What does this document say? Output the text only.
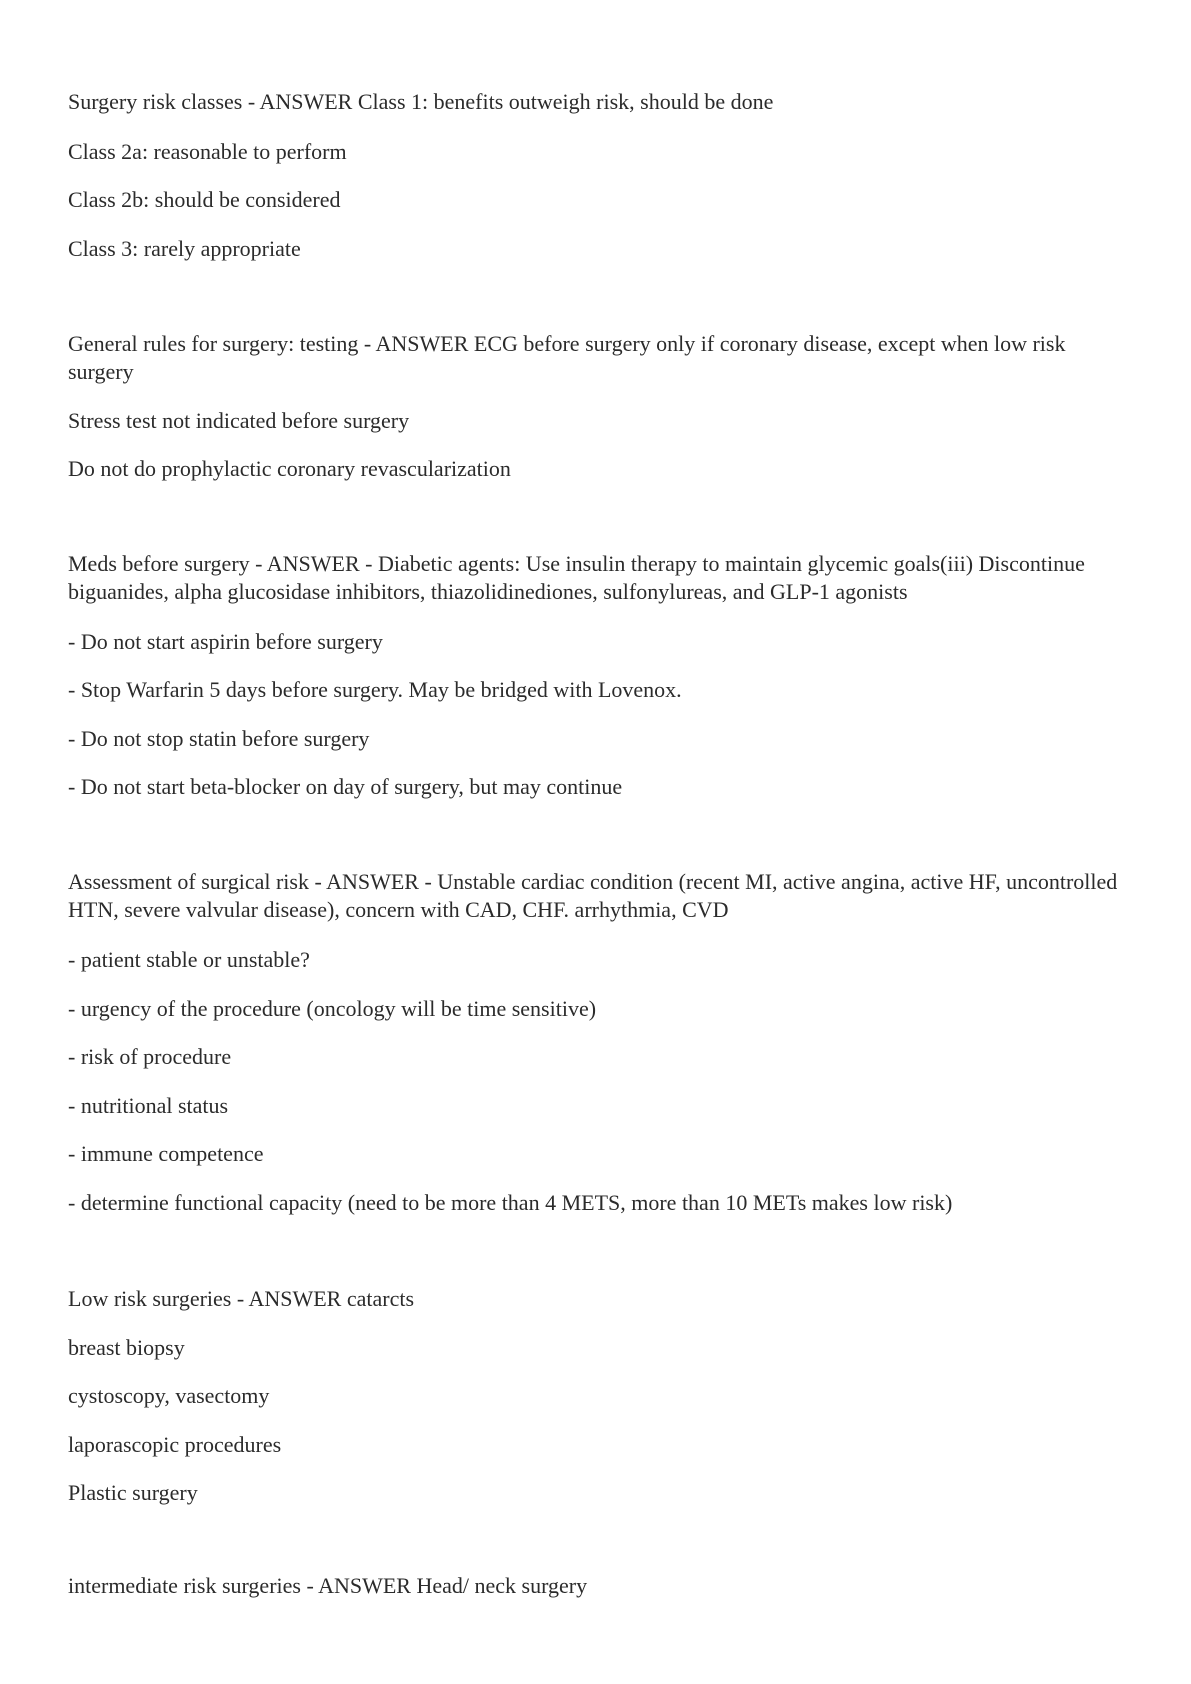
Surgery risk classes - ANSWER Class 1: benefits outweigh risk, should be done

Class 2a: reasonable to perform

Class 2b: should be considered

Class 3: rarely appropriate

General rules for surgery: testing - ANSWER ECG before surgery only if coronary disease, except when low risk surgery

Stress test not indicated before surgery

Do not do prophylactic coronary revascularization

Meds before surgery - ANSWER - Diabetic agents: Use insulin therapy to maintain glycemic goals(iii) Discontinue biguanides, alpha glucosidase inhibitors, thiazolidinediones, sulfonylureas, and GLP-1 agonists

- Do not start aspirin before surgery

- Stop Warfarin 5 days before surgery. May be bridged with Lovenox.

- Do not stop statin before surgery

- Do not start beta-blocker on day of surgery, but may continue

Assessment of surgical risk - ANSWER - Unstable cardiac condition (recent MI, active angina, active HF, uncontrolled HTN, severe valvular disease), concern with CAD, CHF. arrhythmia, CVD

- patient stable or unstable?

- urgency of the procedure (oncology will be time sensitive)

- risk of procedure

- nutritional status

- immune competence

- determine functional capacity (need to be more than 4 METS, more than 10 METs makes low risk)

Low risk surgeries - ANSWER catarcts

breast biopsy

cystoscopy, vasectomy

laporascopic procedures

Plastic surgery

intermediate risk surgeries - ANSWER Head/ neck surgery
